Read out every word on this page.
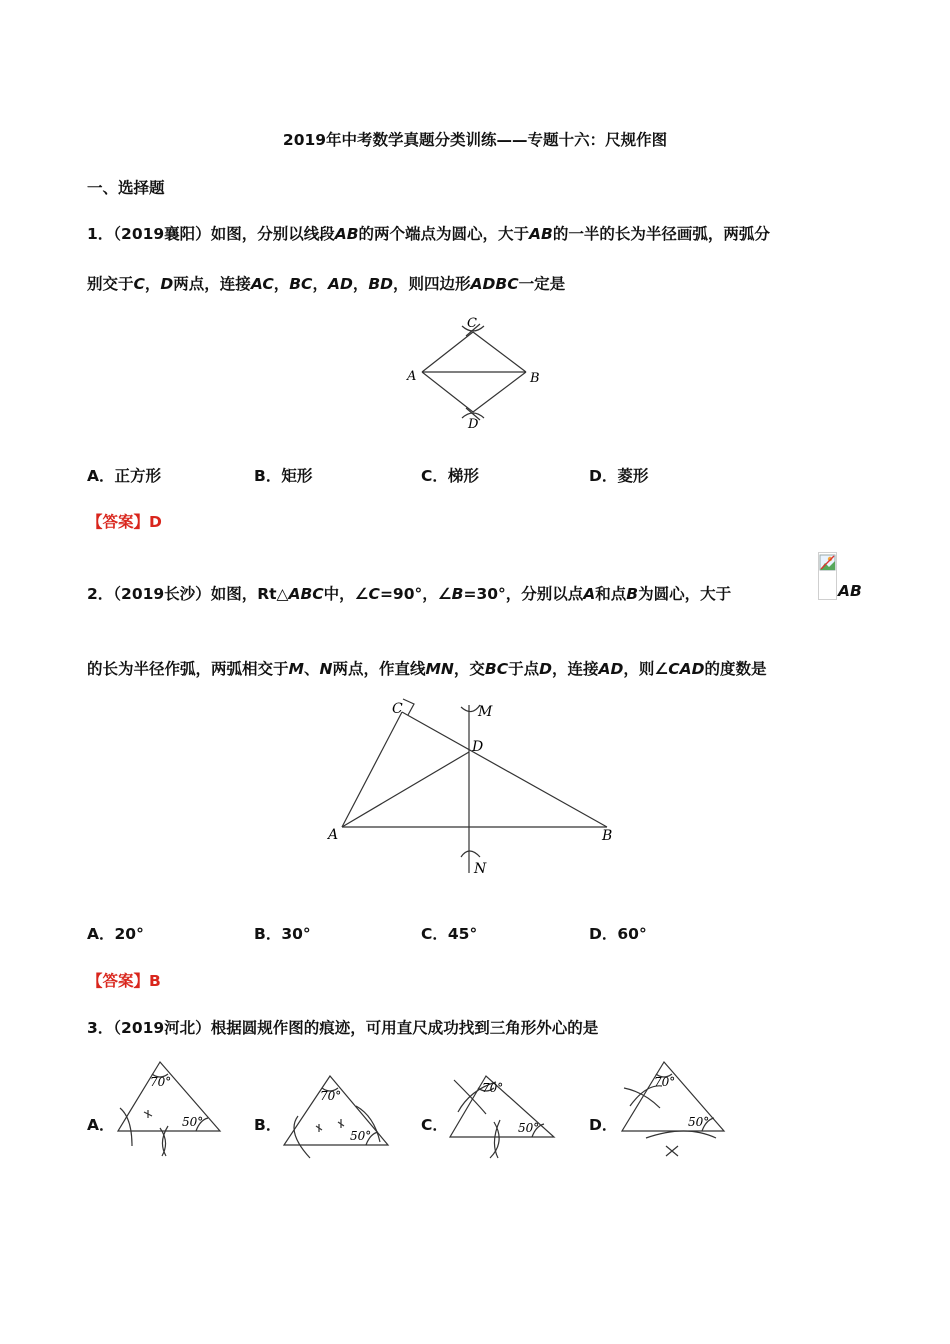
2019年中考数学真题分类训练——专题十六：尺规作图
一、选择题
1．（2019襄阳）如图，分别以线段AB的两个端点为圆心，大于AB的一半的长为半径画弧，两弧分
别交于C，D两点，连接AC，BC，AD，BD，则四边形ADBC一定是
C
A	B
D
A．正方形	B．矩形	C．梯形	D．菱形
【答案】D
2．（2019长沙）如图，Rt△ABC中，∠C=90°，∠B=30°，分别以点A和点B为圆心，大于	AB
的长为半径作弧，两弧相交于M、N两点，作直线MN，交BC于点D，连接AD，则∠CAD的度数是
C	M
D
A	B
N
A．20°	B．30°	C．45°	D．60°
【答案】B
3．（2019河北）根据圆规作图的痕迹，可用直尺成功找到三角形外心的是
A．
70°
50°	B．
70°
50°
C．
70°
50°	D．
70°
50°
